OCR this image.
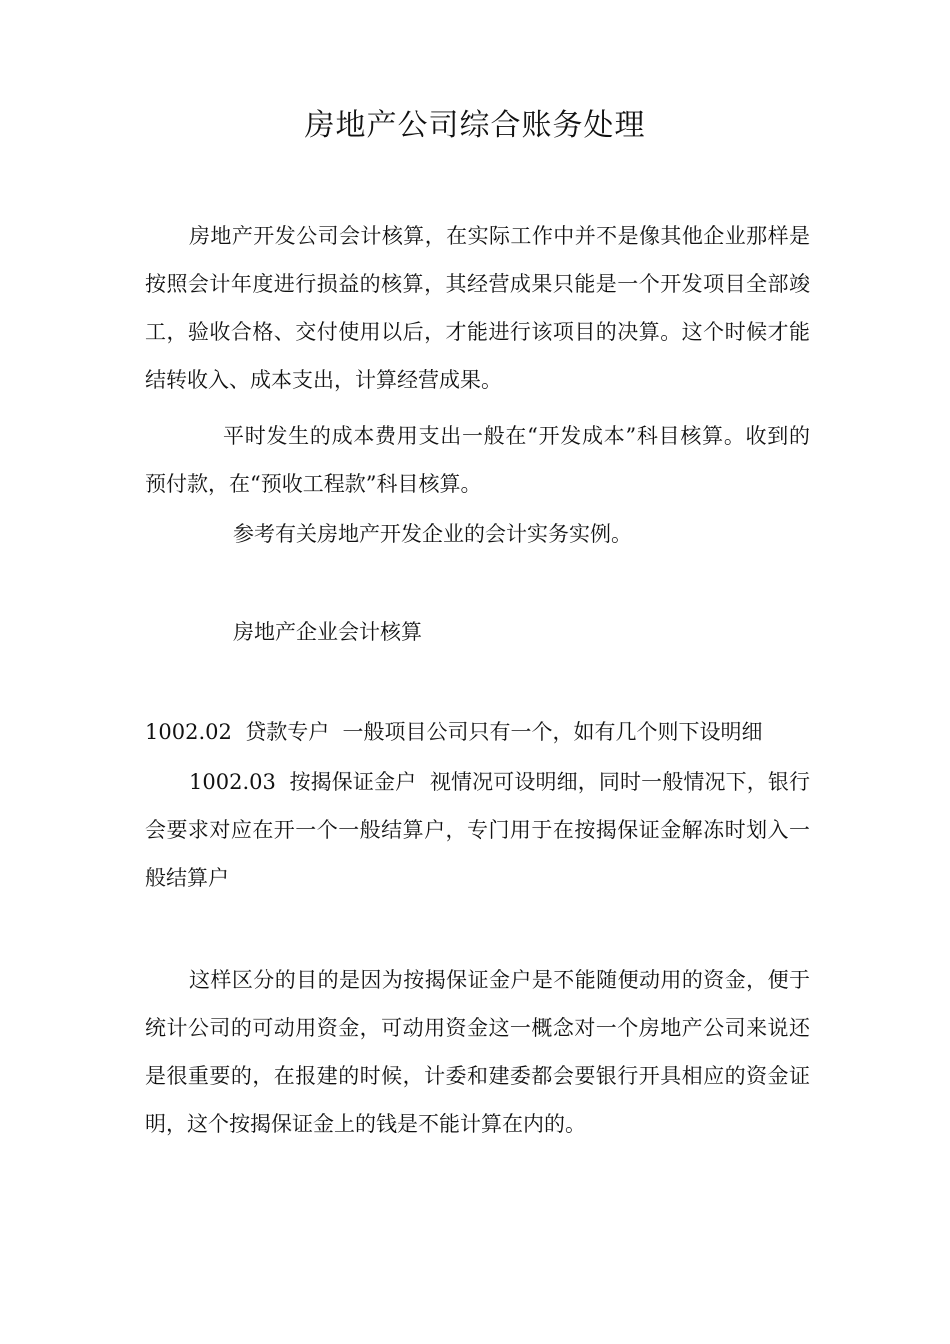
房地产公司综合账务处理
房地产开发公司会计核算，在实际工作中并不是像其他企业那样是按照会计年度进行损益的核算，其经营成果只能是一个开发项目全部竣工，验收合格、交付使用以后，才能进行该项目的决算。这个时候才能结转收入、成本支出，计算经营成果。
平时发生的成本费用支出一般在“开发成本”科目核算。收到的预付款，在“预收工程款”科目核算。
参考有关房地产开发企业的会计实务实例。
房地产企业会计核算
1002.02  贷款专户  一般项目公司只有一个，如有几个则下设明细
1002.03  按揭保证金户  视情况可设明细，同时一般情况下，银行会要求对应在开一个一般结算户，专门用于在按揭保证金解冻时划入一般结算户
这样区分的目的是因为按揭保证金户是不能随便动用的资金，便于统计公司的可动用资金，可动用资金这一概念对一个房地产公司来说还是很重要的，在报建的时候，计委和建委都会要银行开具相应的资金证明，这个按揭保证金上的钱是不能计算在内的。
